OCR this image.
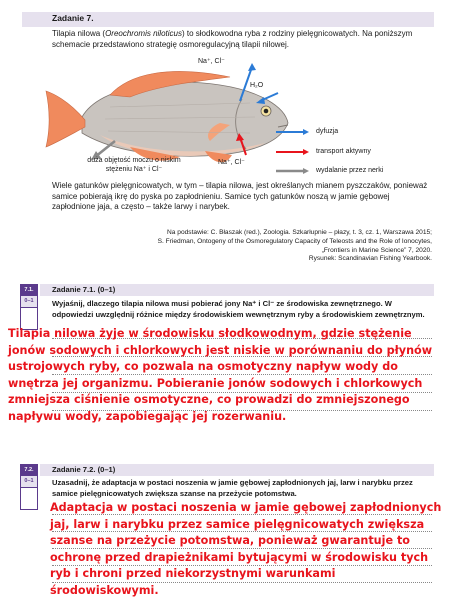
Zadanie 7.
Tilapia nilowa (Oreochromis niloticus) to słodkowodna ryba z rodziny pielęgnicowatych. Na poniższym schemacie przedstawiono strategię osmoregulacyjną tilapii nilowej.
Na⁺, Cl⁻
H₂O
Na⁺, Cl⁻
duża objętość moczu o niskim stężeniu Na⁺ i Cl⁻
dyfuzja
transport aktywny
wydalanie przez nerki
Wiele gatunków pielęgnicowatych, w tym – tilapia nilowa, jest określanych mianem pyszczaków, ponieważ samice pobierają ikrę do pyska po zapłodnieniu. Samice tych gatunków noszą w jamie gębowej zapłodnione jaja, a często – także larwy i narybek.
Na podstawie: C. Błaszak (red.), Zoologia. Szkarłupnie – płazy, t. 3, cz. 1, Warszawa 2015;
S. Friedman, Ontogeny of the Osmoregulatory Capacity of Teleosts and the Role of Ionocytes,
„Frontiers in Marine Science” 7, 2020.
Rysunek: Scandinavian Fishing Yearbook.
7.1.
0–1
Zadanie 7.1. (0–1)
Wyjaśnij, dlaczego tilapia nilowa musi pobierać jony Na⁺ i Cl⁻ ze środowiska zewnętrznego. W odpowiedzi uwzględnij różnice między środowiskiem wewnętrznym ryby a środowiskiem zewnętrznym.
Tilapia nilowa żyje w środowisku słodkowodnym, gdzie stężenie jonów sodowych i chlorkowych jest niskie w porównaniu do płynów ustrojowych ryby, co pozwala na osmotyczny napływ wody do wnętrza jej organizmu. Pobieranie jonów sodowych i chlorkowych zmniejsza ciśnienie osmotyczne, co prowadzi do zmniejszonego napływu wody, zapobiegając jej rozerwaniu.
7.2.
0–1
Zadanie 7.2. (0–1)
Uzasadnij, że adaptacja w postaci noszenia w jamie gębowej zapłodnionych jaj, larw i narybku przez samice pielęgnicowatych zwiększa szanse na przeżycie potomstwa.
Adaptacja w postaci noszenia w jamie gębowej zapłodnionych jaj, larw i narybku przez samice pielęgnicowatych zwiększa szanse na przeżycie potomstwa, ponieważ gwarantuje to ochronę przed drapieżnikami bytującymi w środowisku tych ryb i chroni przed niekorzystnymi warunkami środowiskowymi.
